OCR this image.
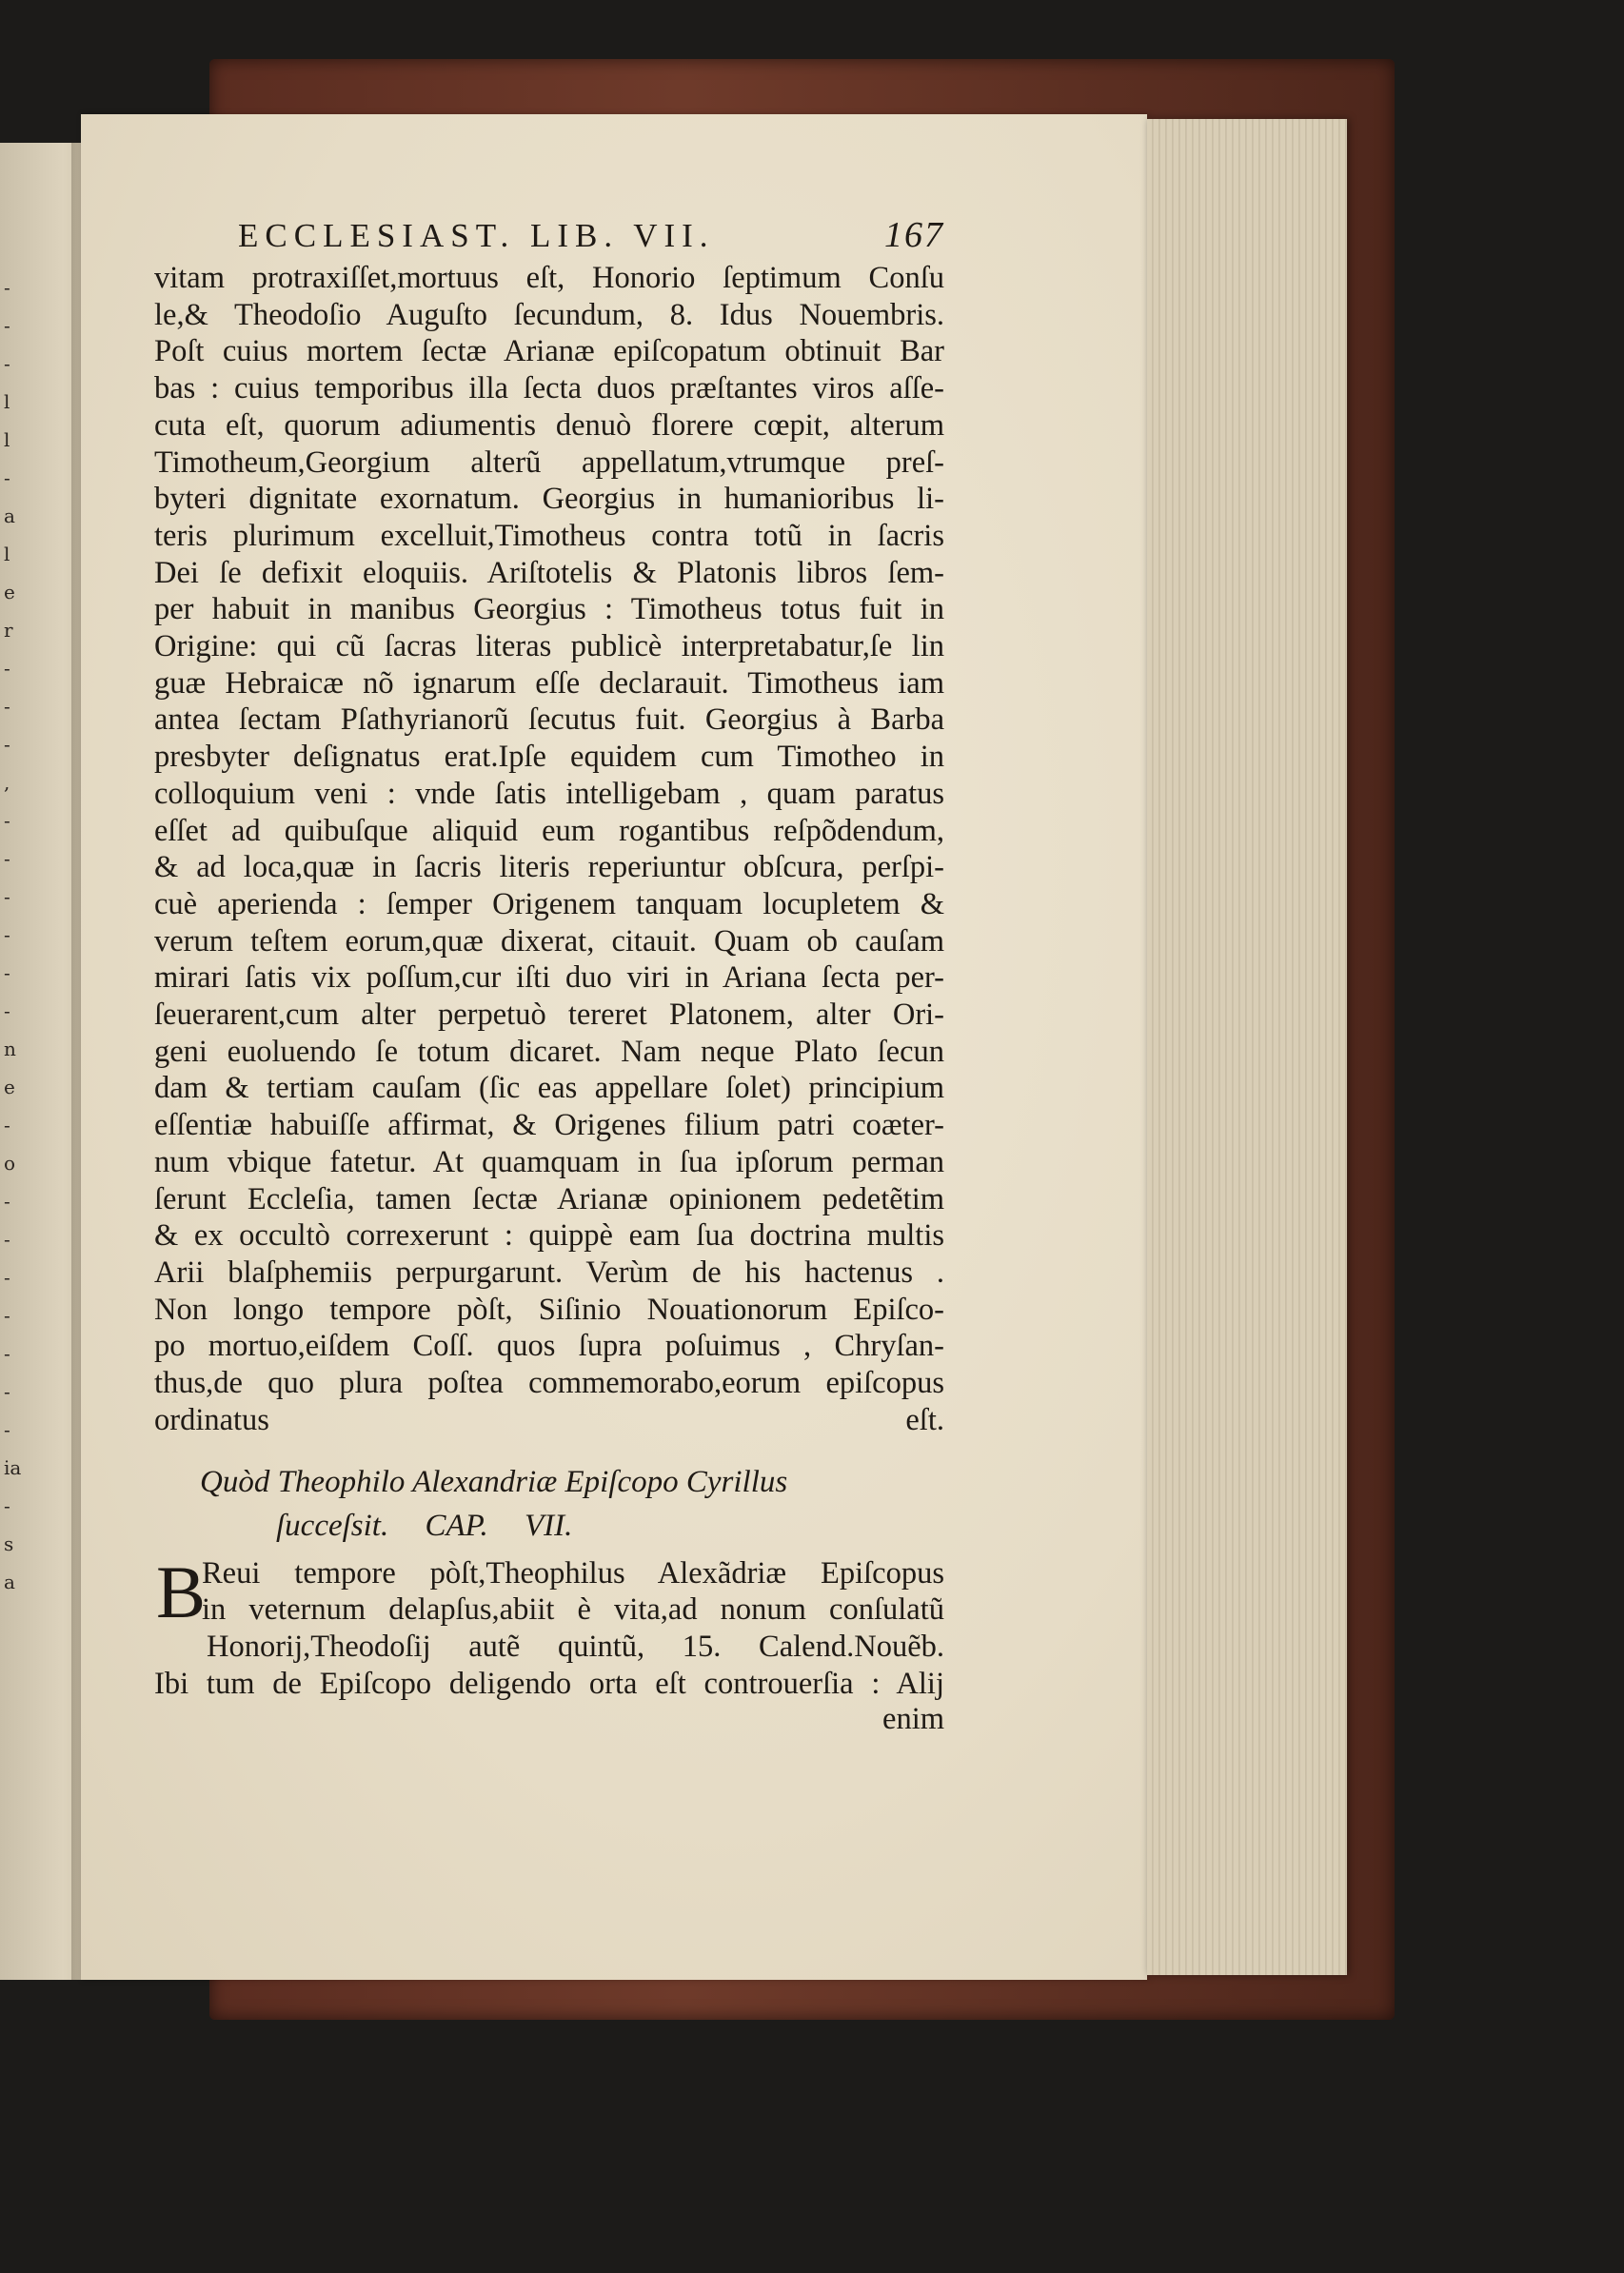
-
-
-
l
l
-
a
l
e
r
-
-
-
,
-
-
-
-
-
-
n
e
-
o
-
-
-
-
-
-
-
ia
-
s
a
ECCLESIAST. LIB. VII.	167
vitam protraxiſſet,mortuus eſt, Honorio ſeptimum Conſu
le,& Theodoſio Auguſto ſecundum, 8. Idus Nouembris.
Poſt cuius mortem ſectæ Arianæ epiſcopatum obtinuit Bar
bas : cuius temporibus illa ſecta duos præſtantes viros aſſe-
cuta eſt, quorum adiumentis denuò florere cœpit, alterum
Timotheum,Georgium alterũ appellatum,vtrumque preſ-
byteri dignitate exornatum. Georgius in humanioribus li-
teris plurimum excelluit,Timotheus contra totũ in ſacris
Dei ſe defixit eloquiis. Ariſtotelis & Platonis libros ſem-
per habuit in manibus Georgius : Timotheus totus fuit in
Origine: qui cũ ſacras literas publicè interpretabatur,ſe lin
guæ Hebraicæ nõ ignarum eſſe declarauit. Timotheus iam
antea ſectam Pſathyrianorũ ſecutus fuit. Georgius à Barba
presbyter deſignatus erat.Ipſe equidem cum Timotheo in
colloquium veni : vnde ſatis intelligebam , quam paratus
eſſet ad quibuſque aliquid eum rogantibus reſpõdendum,
& ad loca,quæ in ſacris literis reperiuntur obſcura, perſpi-
cuè aperienda : ſemper Origenem tanquam locupletem &
verum teſtem eorum,quæ dixerat, citauit. Quam ob cauſam
mirari ſatis vix poſſum,cur iſti duo viri in Ariana ſecta per-
ſeuerarent,cum alter perpetuò tereret Platonem, alter Ori-
geni euoluendo ſe totum dicaret. Nam neque Plato ſecun
dam & tertiam cauſam (ſic eas appellare ſolet) principium
eſſentiæ habuiſſe affirmat, & Origenes filium patri coæter-
num vbique fatetur. At quamquam in ſua ipſorum perman
ſerunt Eccleſia, tamen ſectæ Arianæ opinionem pedetẽtim
& ex occultò correxerunt : quippè eam ſua doctrina multis
Arii blaſphemiis perpurgarunt. Verùm de his hactenus .
Non longo tempore pòſt, Siſinio Nouationorum Epiſco-
po mortuo,eiſdem Coſſ. quos ſupra poſuimus , Chryſan-
thus,de quo plura poſtea commemorabo,eorum epiſcopus
ordinatus eſt.
Quòd Theophilo Alexandriæ Epiſcopo Cyrillus
ſucceſsit. CAP. VII.
B
Reui tempore pòſt,Theophilus Alexãdriæ Epiſcopus
in veternum delapſus,abiit è vita,ad nonum conſulatũ
Honorij,Theodoſij autẽ quintũ, 15. Calend.Nouẽb.
Ibi tum de Epiſcopo deligendo orta eſt controuerſia : Alij
enim
